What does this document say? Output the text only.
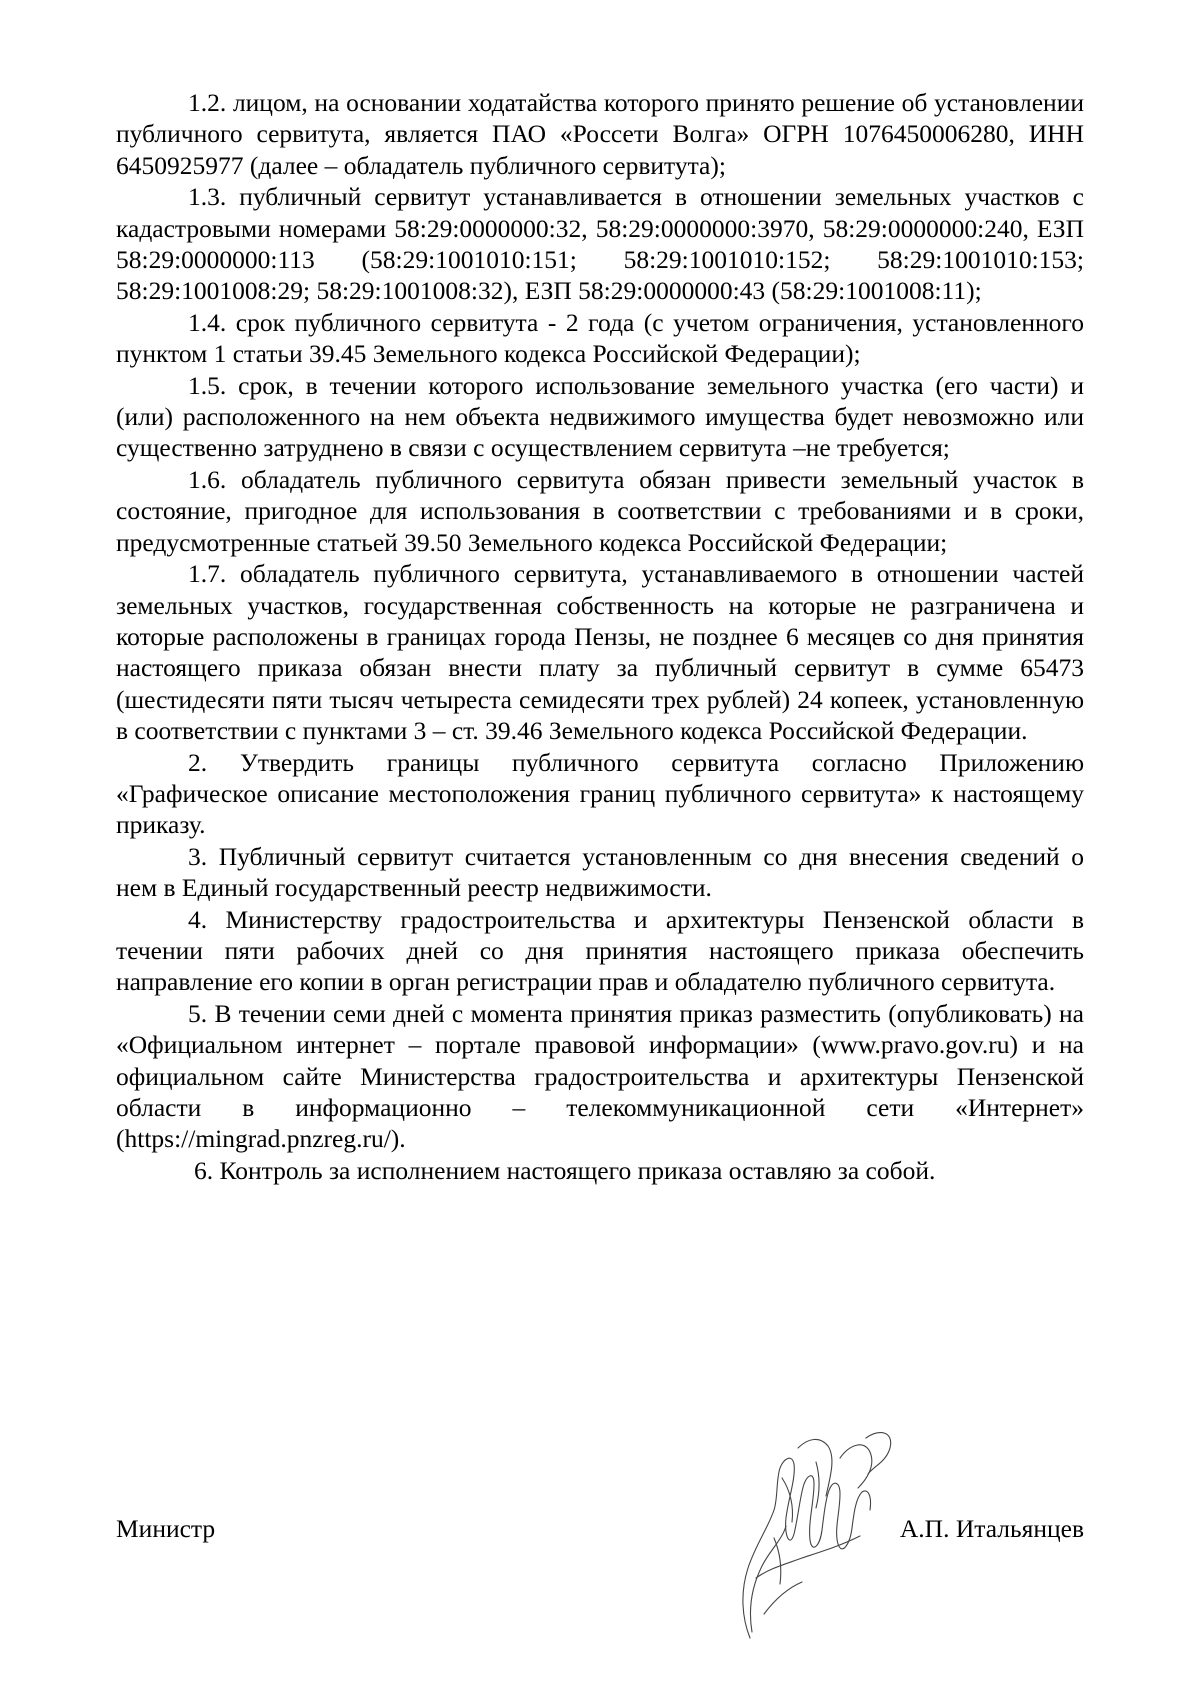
1.2. лицом, на основании ходатайства которого принято решение об установлении публичного сервитута, является ПАО «Россети Волга» ОГРН 1076450006280, ИНН 6450925977 (далее – обладатель публичного сервитута);

1.3. публичный сервитут устанавливается в отношении земельных участков с кадастровыми номерами 58:29:0000000:32, 58:29:0000000:3970, 58:29:0000000:240, ЕЗП 58:29:0000000:113 (58:29:1001010:151; 58:29:1001010:152; 58:29:1001010:153; 58:29:1001008:29; 58:29:1001008:32), ЕЗП 58:29:0000000:43 (58:29:1001008:11);

1.4. срок публичного сервитута - 2 года (с учетом ограничения, установленного пунктом 1 статьи 39.45 Земельного кодекса Российской Федерации);

1.5. срок, в течении которого использование земельного участка (его части) и (или) расположенного на нем объекта недвижимого имущества будет невозможно или существенно затруднено в связи с осуществлением сервитута –не требуется;

1.6. обладатель публичного сервитута обязан привести земельный участок в состояние, пригодное для использования в соответствии с требованиями и в сроки, предусмотренные статьей 39.50 Земельного кодекса Российской Федерации;

1.7. обладатель публичного сервитута, устанавливаемого в отношении частей земельных участков, государственная собственность на которые не разграничена и которые расположены в границах города Пензы, не позднее 6 месяцев со дня принятия настоящего приказа обязан внести плату за публичный сервитут в сумме 65473 (шестидесяти пяти тысяч четыреста семидесяти трех рублей) 24 копеек, установленную в соответствии с пунктами 3 – ст. 39.46 Земельного кодекса Российской Федерации.

2. Утвердить границы публичного сервитута согласно Приложению «Графическое описание местоположения границ публичного сервитута» к настоящему приказу.

3. Публичный сервитут считается установленным со дня внесения сведений о нем в Единый государственный реестр недвижимости.

4. Министерству градостроительства и архитектуры Пензенской области в течении пяти рабочих дней со дня принятия настоящего приказа обеспечить направление его копии в орган регистрации прав и обладателю публичного сервитута.

5. В течении семи дней с момента принятия приказ разместить (опубликовать) на «Официальном интернет – портале правовой информации» (www.pravo.gov.ru) и на официальном сайте Министерства градостроительства и архитектуры Пензенской области в информационно – телекоммуникационной сети «Интернет» (https://mingrad.pnzreg.ru/).

6. Контроль за исполнением настоящего приказа оставляю за собой.

Министр	А.П. Итальянцев
